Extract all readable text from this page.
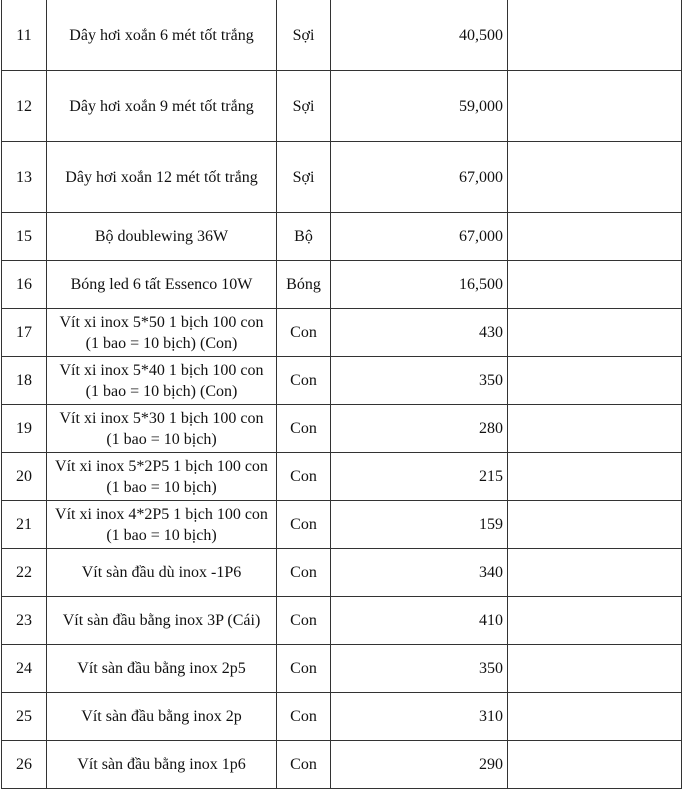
11	Dây hơi xoắn 6 mét tốt trắng	Sợi	40,500	
12	Dây hơi xoắn 9 mét tốt trắng	Sợi	59,000	
13	Dây hơi xoắn 12 mét tốt trắng	Sợi	67,000	
15	Bộ doublewing 36W	Bộ	67,000	
16	Bóng led 6 tất Essenco 10W	Bóng	16,500	
17	Vít xi inox 5*50 1 bịch 100 con (1 bao = 10 bịch) (Con)	Con	430	
18	Vít xi inox 5*40 1 bịch 100 con (1 bao = 10 bịch) (Con)	Con	350	
19	Vít xi inox 5*30 1 bịch 100 con (1 bao = 10 bịch)	Con	280	
20	Vít xi inox 5*2P5 1 bịch 100 con (1 bao = 10 bịch)	Con	215	
21	Vít xi inox 4*2P5 1 bịch 100 con (1 bao = 10 bịch)	Con	159	
22	Vít sàn đầu dù inox -1P6	Con	340	
23	Vít sàn đầu bằng inox 3P (Cái)	Con	410	
24	Vít sàn đầu bằng inox 2p5	Con	350	
25	Vít sàn đầu bằng inox 2p	Con	310	
26	Vít sàn đầu bằng inox 1p6	Con	290	
